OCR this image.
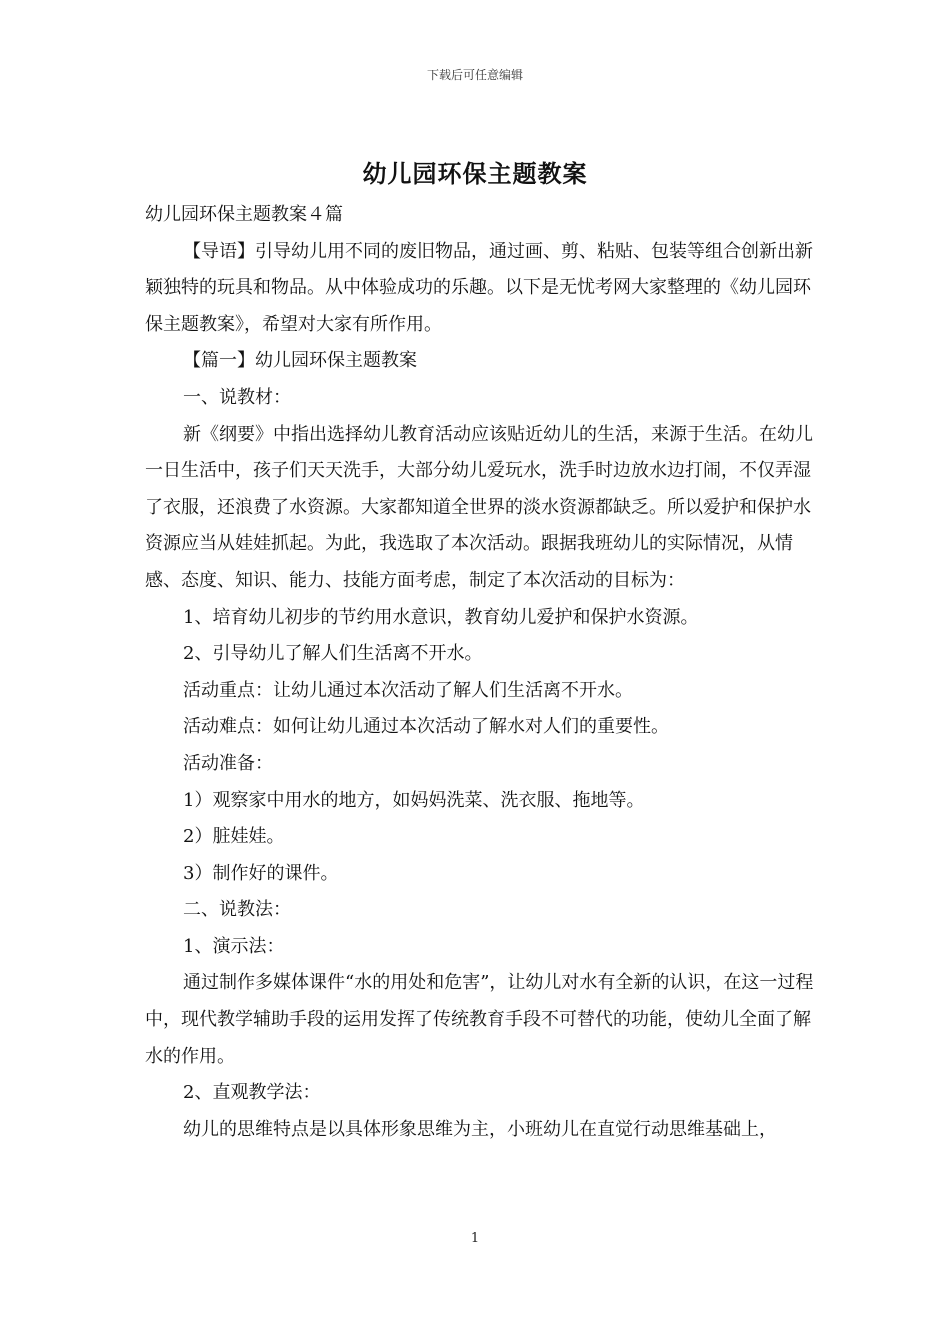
下载后可任意编辑
幼儿园环保主题教案

幼儿园环保主题教案４篇

【导语】引导幼儿用不同的废旧物品，通过画、剪、粘贴、包装等组合创新出新颖独特的玩具和物品。从中体验成功的乐趣。以下是无忧考网大家整理的《幼儿园环保主题教案》，希望对大家有所作用。

【篇一】幼儿园环保主题教案

一、说教材：

新《纲要》中指出选择幼儿教育活动应该贴近幼儿的生活，来源于生活。在幼儿一日生活中，孩子们天天洗手，大部分幼儿爱玩水，洗手时边放水边打闹，不仅弄湿了衣服，还浪费了水资源。大家都知道全世界的淡水资源都缺乏。所以爱护和保护水资源应当从娃娃抓起。为此，我选取了本次活动。跟据我班幼儿的实际情况，从情感、态度、知识、能力、技能方面考虑，制定了本次活动的目标为：

1、培育幼儿初步的节约用水意识，教育幼儿爱护和保护水资源。

2、引导幼儿了解人们生活离不开水。

活动重点：让幼儿通过本次活动了解人们生活离不开水。

活动难点：如何让幼儿通过本次活动了解水对人们的重要性。

活动准备：

1）观察家中用水的地方，如妈妈洗菜、洗衣服、拖地等。

2）脏娃娃。

3）制作好的课件。

二、说教法：

1、演示法：

通过制作多媒体课件“水的用处和危害”，让幼儿对水有全新的认识，在这一过程中，现代教学辅助手段的运用发挥了传统教育手段不可替代的功能，使幼儿全面了解水的作用。

2、直观教学法：

幼儿的思维特点是以具体形象思维为主，小班幼儿在直觉行动思维基础上，

1
